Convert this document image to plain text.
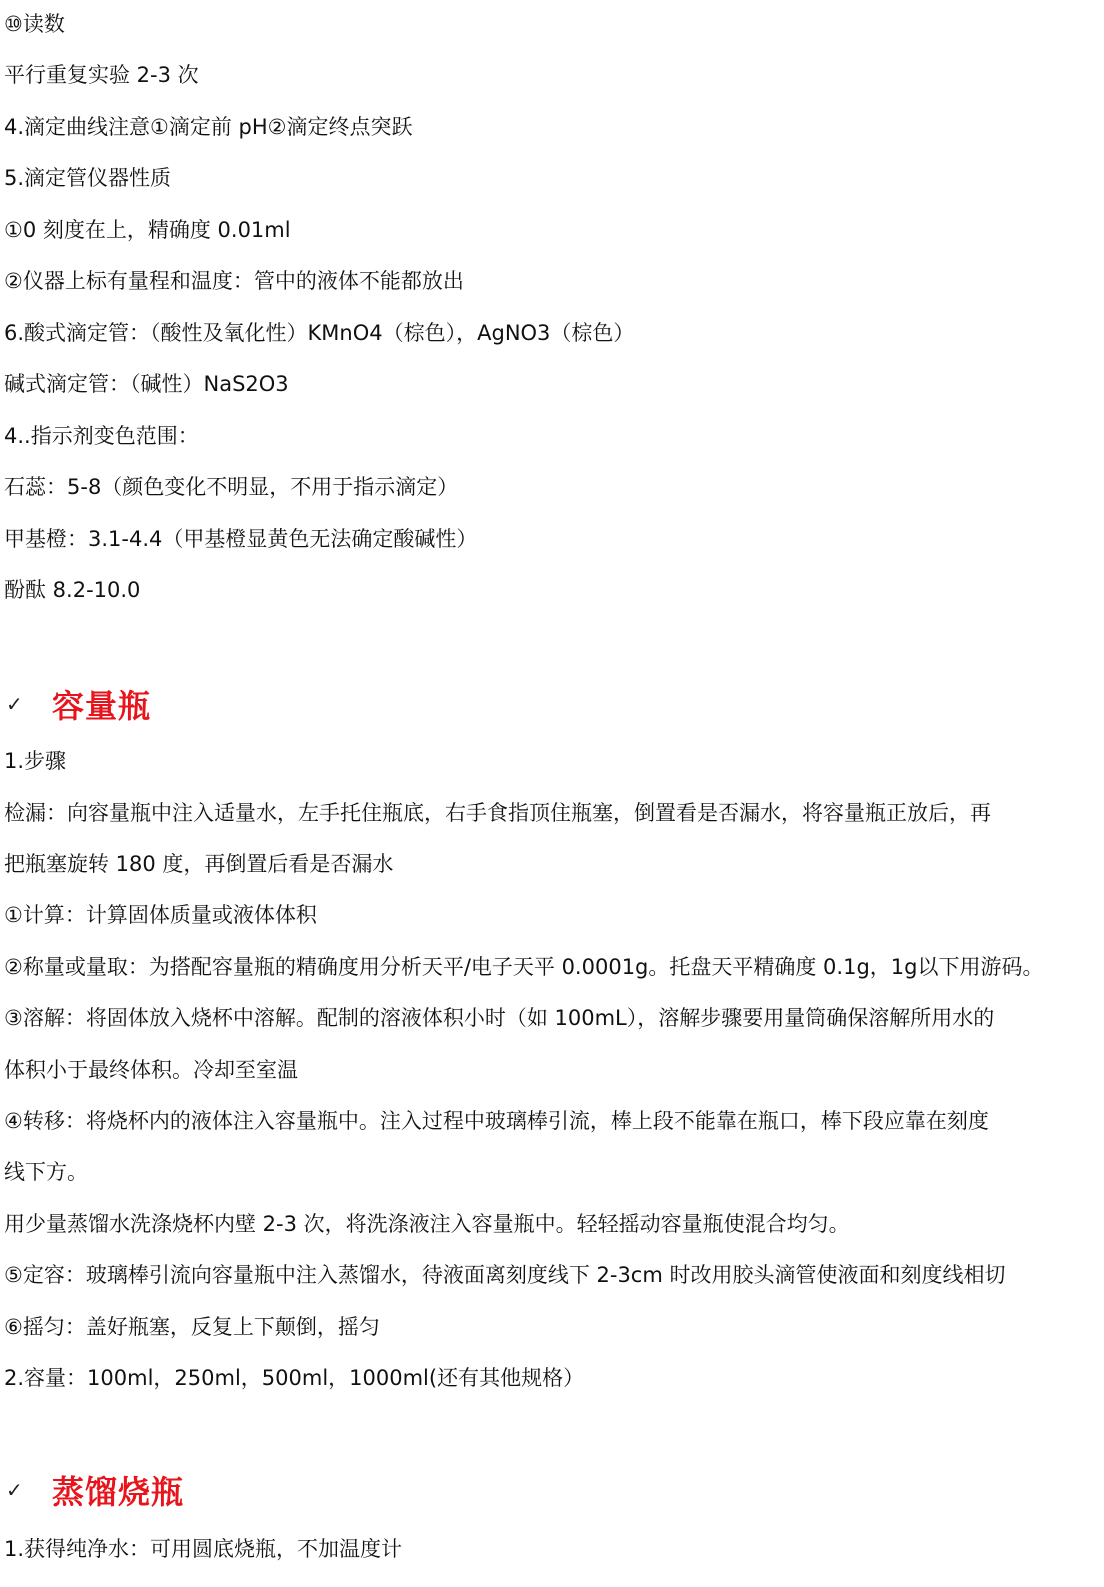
⑩读数
平行重复实验 2-3 次
4.滴定曲线注意①滴定前 pH②滴定终点突跃
5.滴定管仪器性质
①0 刻度在上，精确度 0.01ml
②仪器上标有量程和温度：管中的液体不能都放出
6.酸式滴定管：（酸性及氧化性）KMnO4（棕色），AgNO3（棕色）
碱式滴定管：（碱性）NaS2O3
4..指示剂变色范围：
石蕊：5-8（颜色变化不明显，不用于指示滴定）
甲基橙：3.1-4.4（甲基橙显黄色无法确定酸碱性）
酚酞 8.2-10.0
✓ 容量瓶
1.步骤
检漏：向容量瓶中注入适量水，左手托住瓶底，右手食指顶住瓶塞，倒置看是否漏水，将容量瓶正放后，再
把瓶塞旋转 180 度，再倒置后看是否漏水
①计算：计算固体质量或液体体积
②称量或量取：为搭配容量瓶的精确度用分析天平/电子天平 0.0001g。托盘天平精确度 0.1g，1g以下用游码。
③溶解：将固体放入烧杯中溶解。配制的溶液体积小时（如 100mL），溶解步骤要用量筒确保溶解所用水的
体积小于最终体积。冷却至室温
④转移：将烧杯内的液体注入容量瓶中。注入过程中玻璃棒引流，棒上段不能靠在瓶口，棒下段应靠在刻度
线下方。
用少量蒸馏水洗涤烧杯内壁 2-3 次，将洗涤液注入容量瓶中。轻轻摇动容量瓶使混合均匀。
⑤定容：玻璃棒引流向容量瓶中注入蒸馏水，待液面离刻度线下 2-3cm 时改用胶头滴管使液面和刻度线相切
⑥摇匀：盖好瓶塞，反复上下颠倒，摇匀
2.容量：100ml，250ml，500ml，1000ml(还有其他规格）
✓ 蒸馏烧瓶
1.获得纯净水：可用圆底烧瓶，不加温度计
